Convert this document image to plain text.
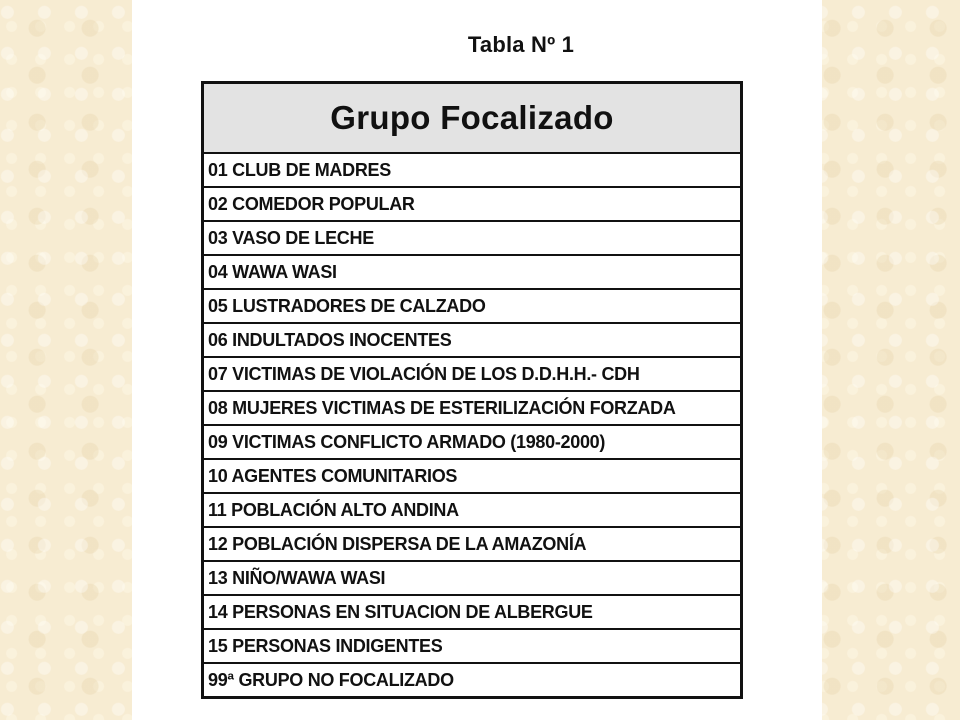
Tabla Nº 1
Grupo Focalizado
01 CLUB DE MADRES
02 COMEDOR POPULAR
03 VASO DE LECHE
04 WAWA WASI
05 LUSTRADORES DE CALZADO
06 INDULTADOS INOCENTES
07 VICTIMAS DE VIOLACIÓN DE LOS D.D.H.H.- CDH
08 MUJERES VICTIMAS DE ESTERILIZACIÓN FORZADA
09 VICTIMAS CONFLICTO ARMADO (1980-2000)
10 AGENTES COMUNITARIOS
11 POBLACIÓN ALTO ANDINA
12 POBLACIÓN DISPERSA DE LA AMAZONÍA
13 NIÑO/WAWA WASI
14 PERSONAS EN SITUACION DE ALBERGUE
15 PERSONAS INDIGENTES
99ª GRUPO NO FOCALIZADO
